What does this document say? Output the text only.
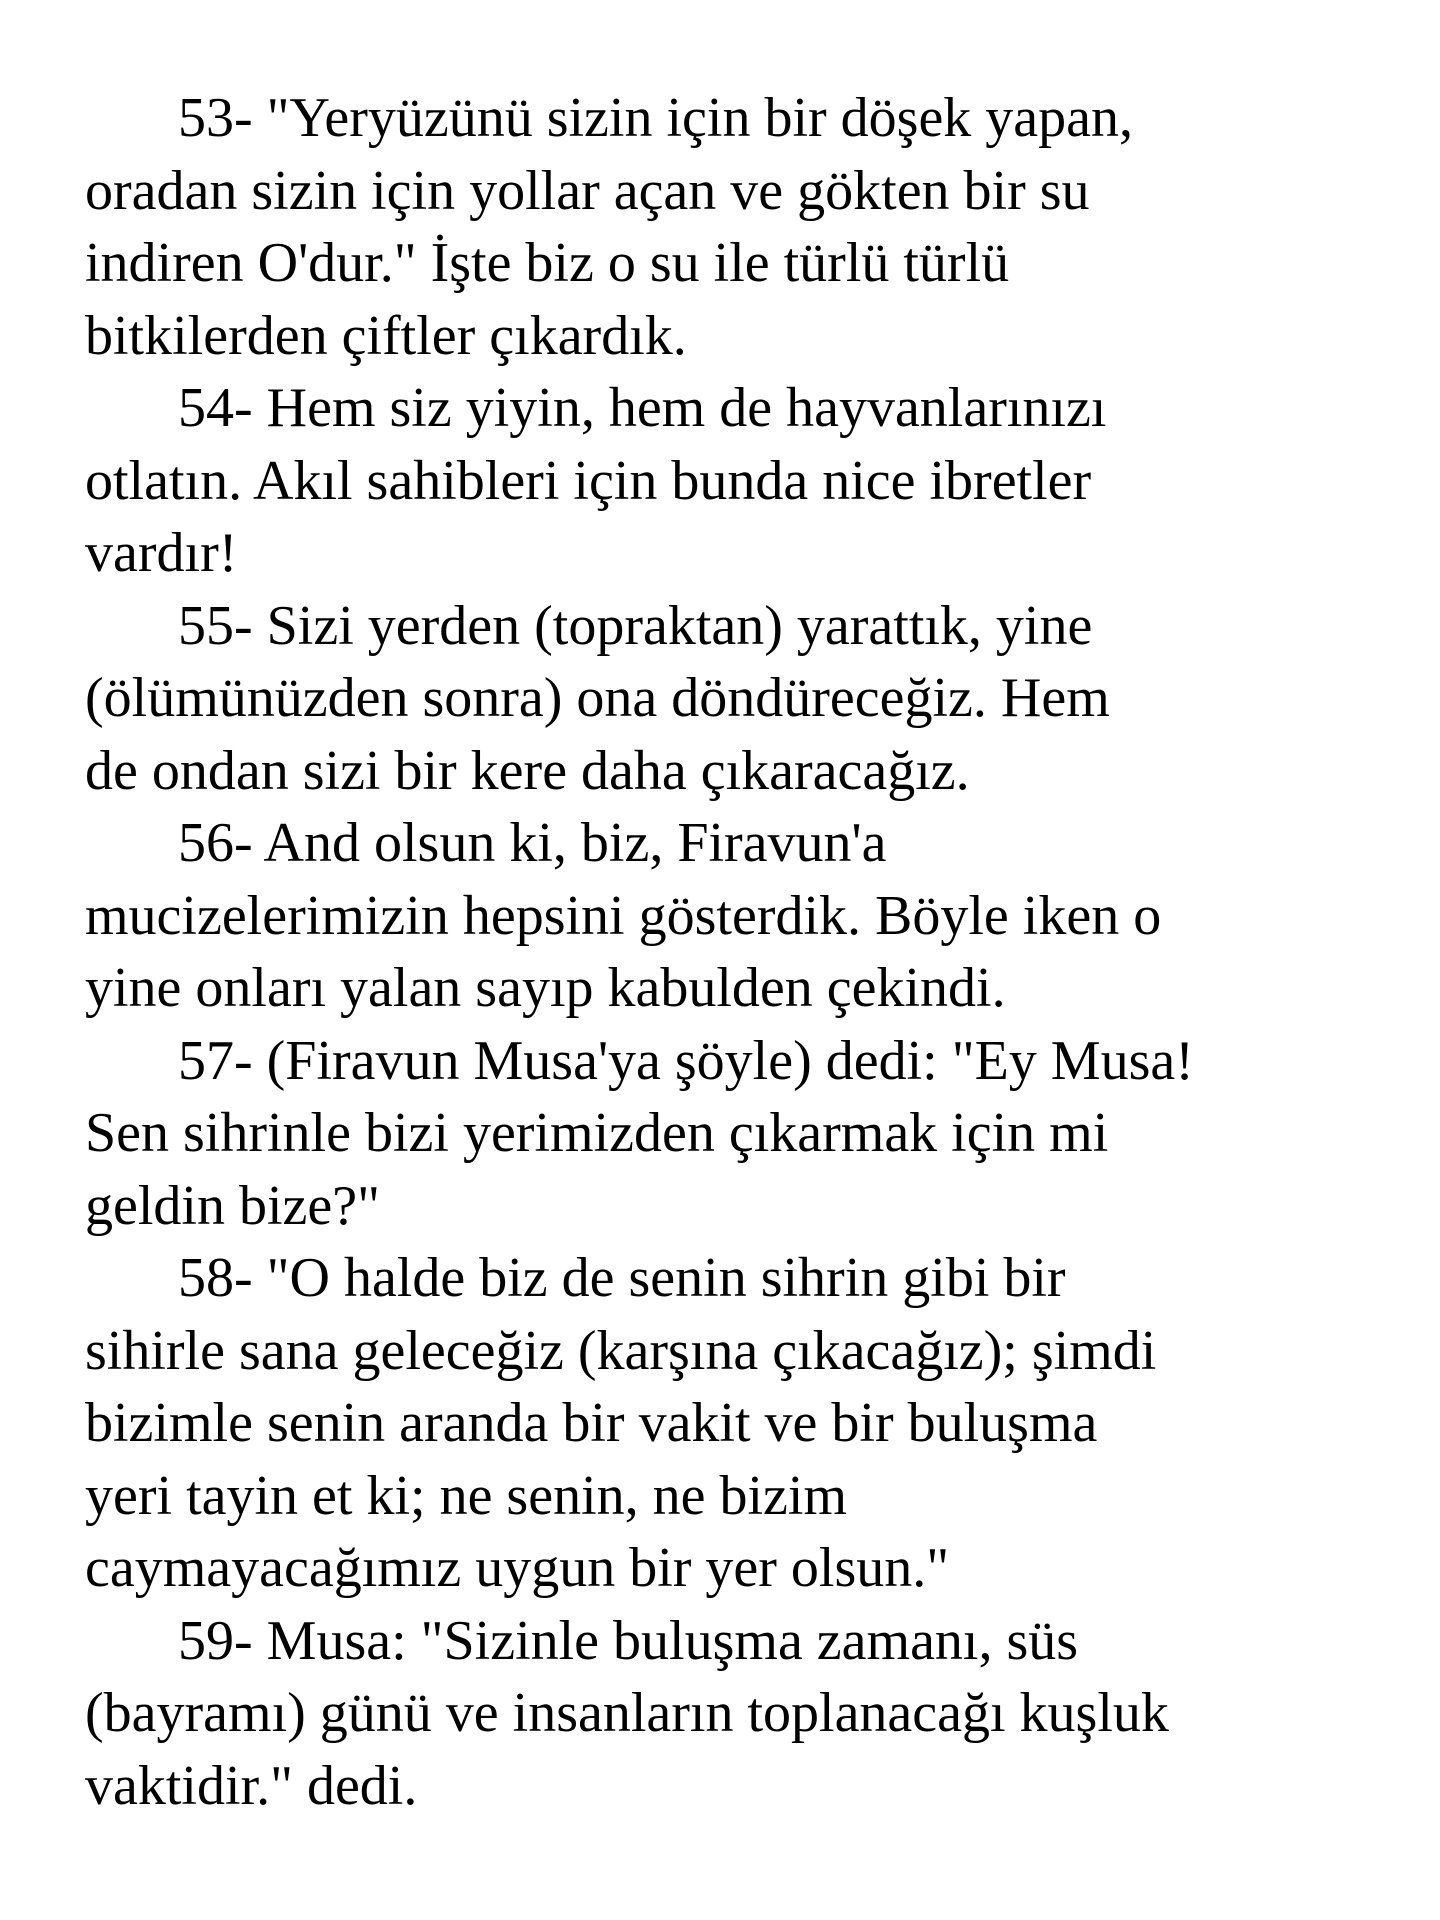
53- "Yeryüzünü sizin için bir döşek yapan,
oradan sizin için yollar açan ve gökten bir su
indiren O'dur." İşte biz o su ile türlü türlü
bitkilerden çiftler çıkardık.
54- Hem siz yiyin, hem de hayvanlarınızı
otlatın. Akıl sahibleri için bunda nice ibretler
vardır!
55- Sizi yerden (topraktan) yarattık, yine
(ölümünüzden sonra) ona döndüreceğiz. Hem
de ondan sizi bir kere daha çıkaracağız.
56- And olsun ki, biz, Firavun'a
mucizelerimizin hepsini gösterdik. Böyle iken o
yine onları yalan sayıp kabulden çekindi.
57- (Firavun Musa'ya şöyle) dedi: "Ey Musa!
Sen sihrinle bizi yerimizden çıkarmak için mi
geldin bize?"
58- "O halde biz de senin sihrin gibi bir
sihirle sana geleceğiz (karşına çıkacağız); şimdi
bizimle senin aranda bir vakit ve bir buluşma
yeri tayin et ki; ne senin, ne bizim
caymayacağımız uygun bir yer olsun."
59- Musa: "Sizinle buluşma zamanı, süs
(bayramı) günü ve insanların toplanacağı kuşluk
vaktidir." dedi.
